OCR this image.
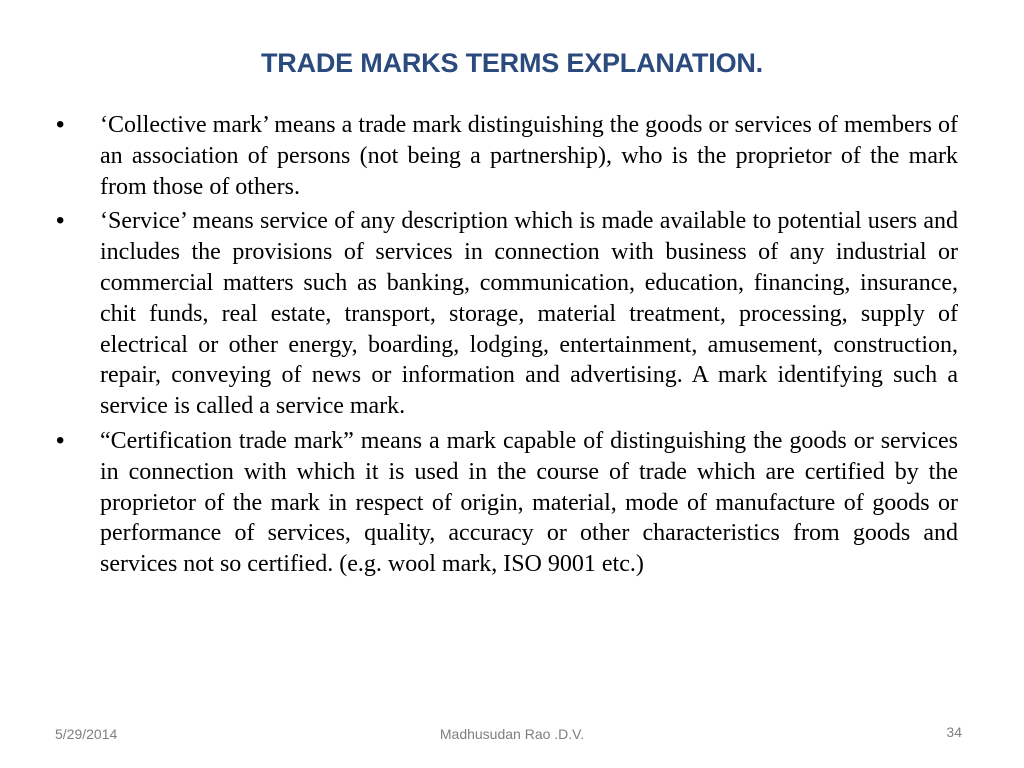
TRADE MARKS TERMS EXPLANATION.
•	‘Collective mark’ means a trade mark distinguishing the goods or services of members of an association of persons (not being a partnership), who is the proprietor of the mark from those of others.

•	‘Service’ means service of any description which is made available to potential users and includes the provisions of services in connection with business of any industrial or commercial matters such as banking, communication, education, financing, insurance, chit funds, real estate, transport, storage, material treatment, processing, supply of electrical or other energy, boarding, lodging, entertainment, amusement, construction, repair, conveying of news or information and advertising. A mark identifying such a service is called a service mark.

•	“Certification trade mark” means a mark capable of distinguishing the goods or services in connection with which it is used in the course of trade which are certified by the proprietor of the mark in respect of origin, material, mode of manufacture of goods or performance of services, quality, accuracy or other characteristics from goods and services not so certified. (e.g. wool mark, ISO 9001 etc.)

5/29/2014	Madhusudan Rao .D.V.	34
